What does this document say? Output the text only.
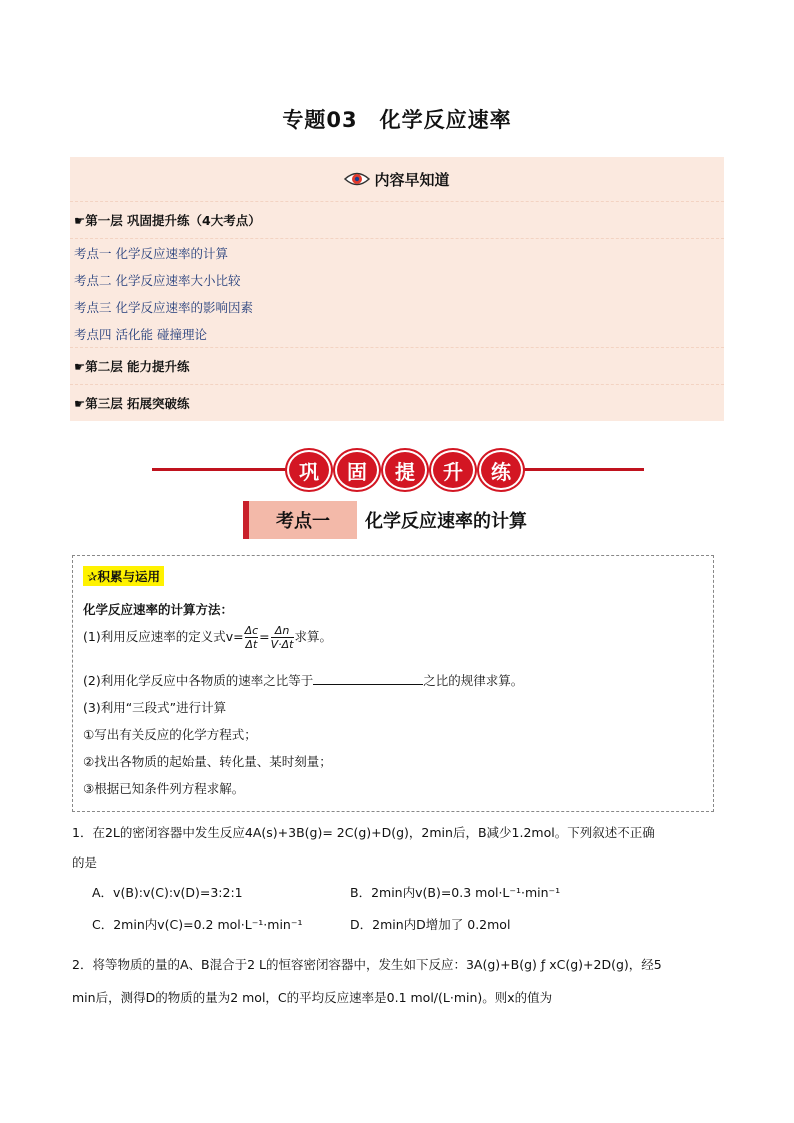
专题03　化学反应速率
内容早知道
☛第一层 巩固提升练（4大考点）
考点一 化学反应速率的计算
考点二 化学反应速率大小比较
考点三 化学反应速率的影响因素
考点四 活化能 碰撞理论
☛第二层 能力提升练
☛第三层 拓展突破练
巩	固	提	升	练
考点一	化学反应速率的计算
✰积累与运用
化学反应速率的计算方法：
(1)利用反应速率的定义式$v= \frac{\Delta c}{\Delta t} = \frac{\Delta n}{V\cdot\Delta t}$ 求算。
(2)利用化学反应中各物质的速率之比等于	之比的规律求算。
(3)利用“三段式”进行计算
①写出有关反应的化学方程式；
②找出各物质的起始量、转化量、某时刻量；
③根据已知条件列方程求解。
1．在2L的密闭容器中发生反应4A(s)+3B(g)= 2C(g)+D(g)，2min后，B减少1.2mol。下列叙述不正确
的是
A．v(B):v(C):v(D)=3:2:1	B．2min内v(B)=0.3 mol·L⁻¹·min⁻¹
C．2min内v(C)=0.2 mol·L⁻¹·min⁻¹	D．2min内D增加了 0.2mol
2．将等物质的量的A、B混合于2 L的恒容密闭容器中，发生如下反应：3A(g)+B(g) ƒ xC(g)+2D(g)，经5
min后，测得D的物质的量为2 mol，C的平均反应速率是0.1 mol/(L·min)。则x的值为
